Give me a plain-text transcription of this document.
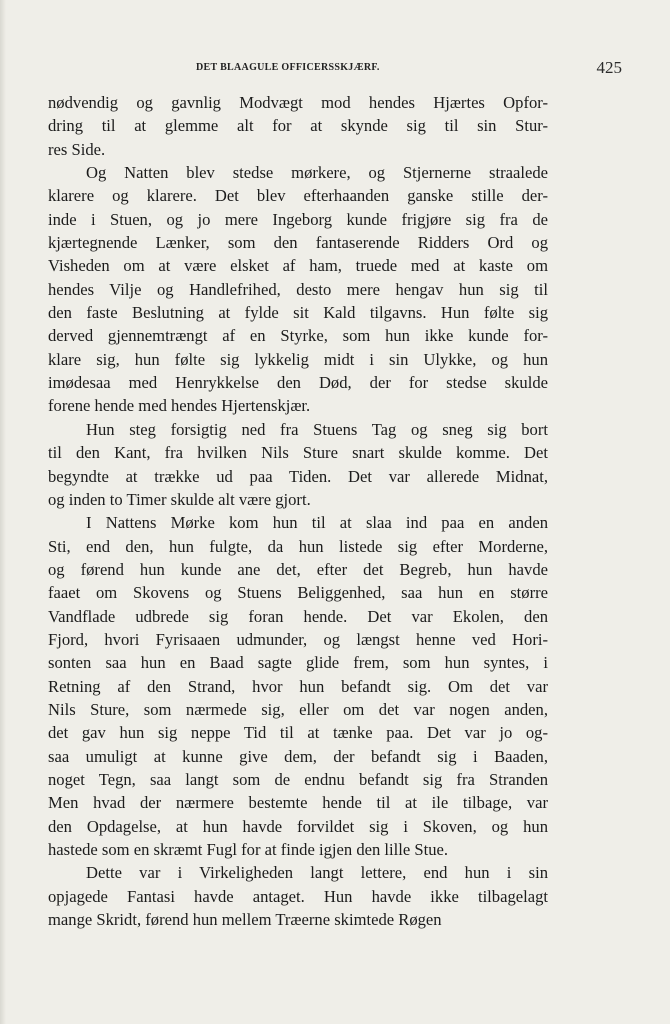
DET BLAAGULE OFFICERSSKJÆRF.	425

nødvendig og gavnlig Modvægt mod hendes Hjærtes Opfor-
dring til at glemme alt for at skynde sig til sin Stur-
res Side.

Og Natten blev stedse mørkere, og Stjernerne straalede
klarere og klarere. Det blev efterhaanden ganske stille der-
inde i Stuen, og jo mere Ingeborg kunde frigjøre sig fra de
kjærtegnende Lænker, som den fantaserende Ridders Ord og
Visheden om at være elsket af ham, truede med at kaste om
hendes Vilje og Handlefrihed, desto mere hengav hun sig til
den faste Beslutning at fylde sit Kald tilgavns. Hun følte sig
derved gjennemtrængt af en Styrke, som hun ikke kunde for-
klare sig, hun følte sig lykkelig midt i sin Ulykke, og hun
imødesaa med Henrykkelse den Død, der for stedse skulde
forene hende med hendes Hjertenskjær.

Hun steg forsigtig ned fra Stuens Tag og sneg sig bort
til den Kant, fra hvilken Nils Sture snart skulde komme. Det
begyndte at trække ud paa Tiden. Det var allerede Midnat,
og inden to Timer skulde alt være gjort.

I Nattens Mørke kom hun til at slaa ind paa en anden
Sti, end den, hun fulgte, da hun listede sig efter Morderne,
og førend hun kunde ane det, efter det Begreb, hun havde
faaet om Skovens og Stuens Beliggenhed, saa hun en større
Vandflade udbrede sig foran hende. Det var Ekolen, den
Fjord, hvori Fyrisaaen udmunder, og længst henne ved Hori-
sonten saa hun en Baad sagte glide frem, som hun syntes, i
Retning af den Strand, hvor hun befandt sig. Om det var
Nils Sture, som nærmede sig, eller om det var nogen anden,
det gav hun sig neppe Tid til at tænke paa. Det var jo og-
saa umuligt at kunne give dem, der befandt sig i Baaden,
noget Tegn, saa langt som de endnu befandt sig fra Stranden
Men hvad der nærmere bestemte hende til at ile tilbage, var
den Opdagelse, at hun havde forvildet sig i Skoven, og hun
hastede som en skræmt Fugl for at finde igjen den lille Stue.

Dette var i Virkeligheden langt lettere, end hun i sin
opjagede Fantasi havde antaget. Hun havde ikke tilbagelagt
mange Skridt, førend hun mellem Træerne skimtede Røgen
